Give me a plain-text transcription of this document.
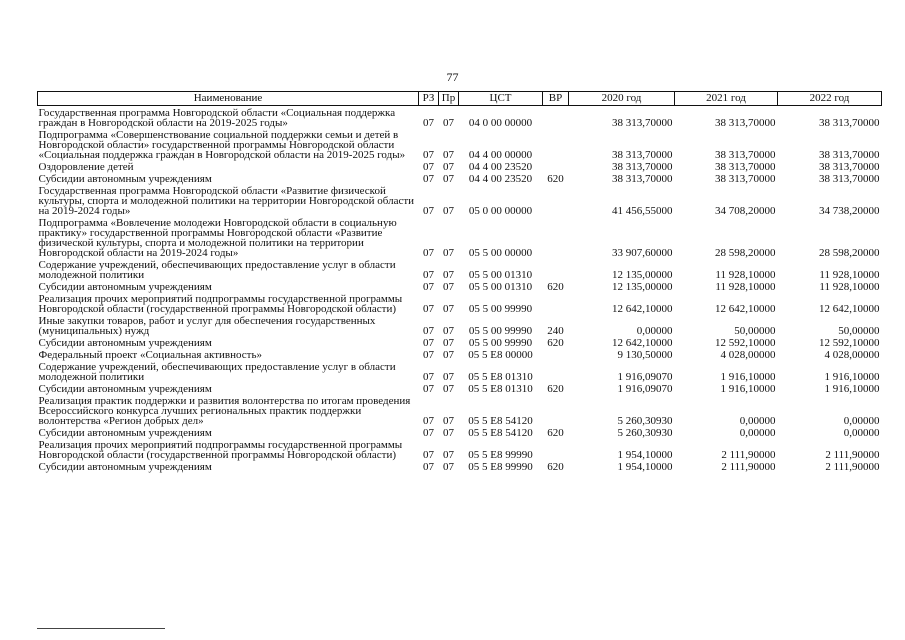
77
Наименование	РЗ	Пр	ЦСТ	ВР	2020 год	2021 год	2022 год
Государственная программа Новгородской области «Социальная поддержка граждан в Новгородской области на 2019-2025 годы»	07	07	04 0 00 00000		38 313,70000	38 313,70000	38 313,70000
Подпрограмма «Совершенствование социальной поддержки семьи и детей в Новгородской области» государственной программы Новгородской области «Социальная поддержка граждан в Новгородской области на 2019-2025 годы»	07	07	04 4 00 00000		38 313,70000	38 313,70000	38 313,70000
Оздоровление детей	07	07	04 4 00 23520		38 313,70000	38 313,70000	38 313,70000
Субсидии автономным учреждениям	07	07	04 4 00 23520	620	38 313,70000	38 313,70000	38 313,70000
Государственная программа Новгородской области «Развитие физической культуры, спорта и молодежной политики на территории Новгородской области на 2019-2024 годы»	07	07	05 0 00 00000		41 456,55000	34 708,20000	34 738,20000
Подпрограмма «Вовлечение молодежи Новгородской области в социальную практику» государственной программы Новгородской области «Развитие физической культуры, спорта и молодежной политики на территории Новгородской области на 2019-2024 годы»	07	07	05 5 00 00000		33 907,60000	28 598,20000	28 598,20000
Содержание учреждений, обеспечивающих предоставление услуг в области молодежной политики	07	07	05 5 00 01310		12 135,00000	11 928,10000	11 928,10000
Субсидии автономным учреждениям	07	07	05 5 00 01310	620	12 135,00000	11 928,10000	11 928,10000
Реализация прочих мероприятий подпрограммы государственной программы Новгородской области (государственной программы Новгородской области)	07	07	05 5 00 99990		12 642,10000	12 642,10000	12 642,10000
Иные закупки товаров, работ и услуг для обеспечения государственных (муниципальных) нужд	07	07	05 5 00 99990	240	0,00000	50,00000	50,00000
Субсидии автономным учреждениям	07	07	05 5 00 99990	620	12 642,10000	12 592,10000	12 592,10000
Федеральный проект «Социальная активность»	07	07	05 5 E8 00000		9 130,50000	4 028,00000	4 028,00000
Содержание учреждений, обеспечивающих предоставление услуг в области молодежной политики	07	07	05 5 E8 01310		1 916,09070	1 916,10000	1 916,10000
Субсидии автономным учреждениям	07	07	05 5 E8 01310	620	1 916,09070	1 916,10000	1 916,10000
Реализация практик поддержки и развития волонтерства по итогам проведения Всероссийского конкурса лучших региональных практик поддержки волонтерства «Регион добрых дел»	07	07	05 5 E8 54120		5 260,30930	0,00000	0,00000
Субсидии автономным учреждениям	07	07	05 5 E8 54120	620	5 260,30930	0,00000	0,00000
Реализация прочих мероприятий подпрограммы государственной программы Новгородской области (государственной программы Новгородской области)	07	07	05 5 E8 99990		1 954,10000	2 111,90000	2 111,90000
Субсидии автономным учреждениям	07	07	05 5 E8 99990	620	1 954,10000	2 111,90000	2 111,90000
